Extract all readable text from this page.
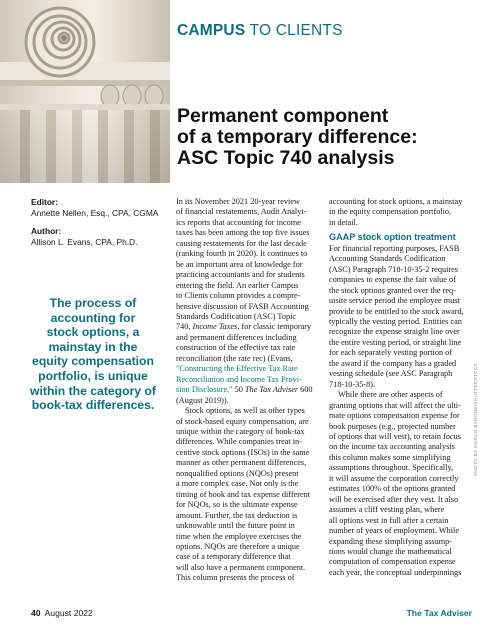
CAMPUS TO CLIENTS
Permanent component
of a temporary difference:
ASC Topic 740 analysis
Editor:
Annette Nellen, Esq., CPA, CGMA
Author:
Allison L. Evans, CPA, Ph.D.
The process of
accounting for
stock options, a
mainstay in the
equity compensation
portfolio, is unique
within the category of
book-tax differences.
In its November 2021 20-year review
of financial restatements, Audit Analyt-
ics reports that accounting for income
taxes has been among the top five issues
causing restatements for the last decade
(ranking fourth in 2020). It continues to
be an important area of knowledge for
practicing accountants and for students
entering the field. An earlier Campus
to Clients column provides a compre-
hensive discussion of FASB Accounting
Standards Codification (ASC) Topic
740, Income Taxes, for classic temporary
and permanent differences including
construction of the effective tax rate
reconciliation (the rate rec) (Evans,
"Constructing the Effective Tax Rate
Reconciliation and Income Tax Provi-
sion Disclosure," 50 The Tax Adviser 600
(August 2019)).
Stock options, as well as other types
of stock-based equity compensation, are
unique within the category of book-tax
differences. While companies treat in-
centive stock options (ISOs) in the same
manner as other permanent differences,
nonqualified options (NQOs) present
a more complex case. Not only is the
timing of book and tax expense different
for NQOs, so is the ultimate expense
amount. Further, the tax deduction is
unknowable until the future point in
time when the employee exercises the
options. NQOs are therefore a unique
case of a temporary difference that
will also have a permanent component.
This column presents the process of
accounting for stock options, a mainstay
in the equity compensation portfolio,
in detail.
GAAP stock option treatment
For financial reporting purposes, FASB
Accounting Standards Codification
(ASC) Paragraph 718-10-35-2 requires
companies to expense the fair value of
the stock options granted over the req-
uisite service period the employee must
provide to be entitled to the stock award,
typically the vesting period. Entities can
recognize the expense straight line over
the entire vesting period, or straight line
for each separately vesting portion of
the award if the company has a graded
vesting schedule (see ASC Paragraph
718-10-35-8).
While there are other aspects of
granting options that will affect the ulti-
mate options compensation expense for
book purposes (e.g., projected number
of options that will vest), to retain focus
on the income tax accounting analysis
this column makes some simplifying
assumptions throughout. Specifically,
it will assume the corporation correctly
estimates 100% of the options granted
will be exercised after they vest. It also
assumes a cliff vesting plan, where
all options vest in full after a certain
number of years of employment. While
expanding these simplifying assump-
tions would change the mathematical
computation of compensation expense
each year, the conceptual underpinnings
PHOTO BY MARCO BARONE/SHUTTERSTOCK
40 August 2022	The Tax Adviser
